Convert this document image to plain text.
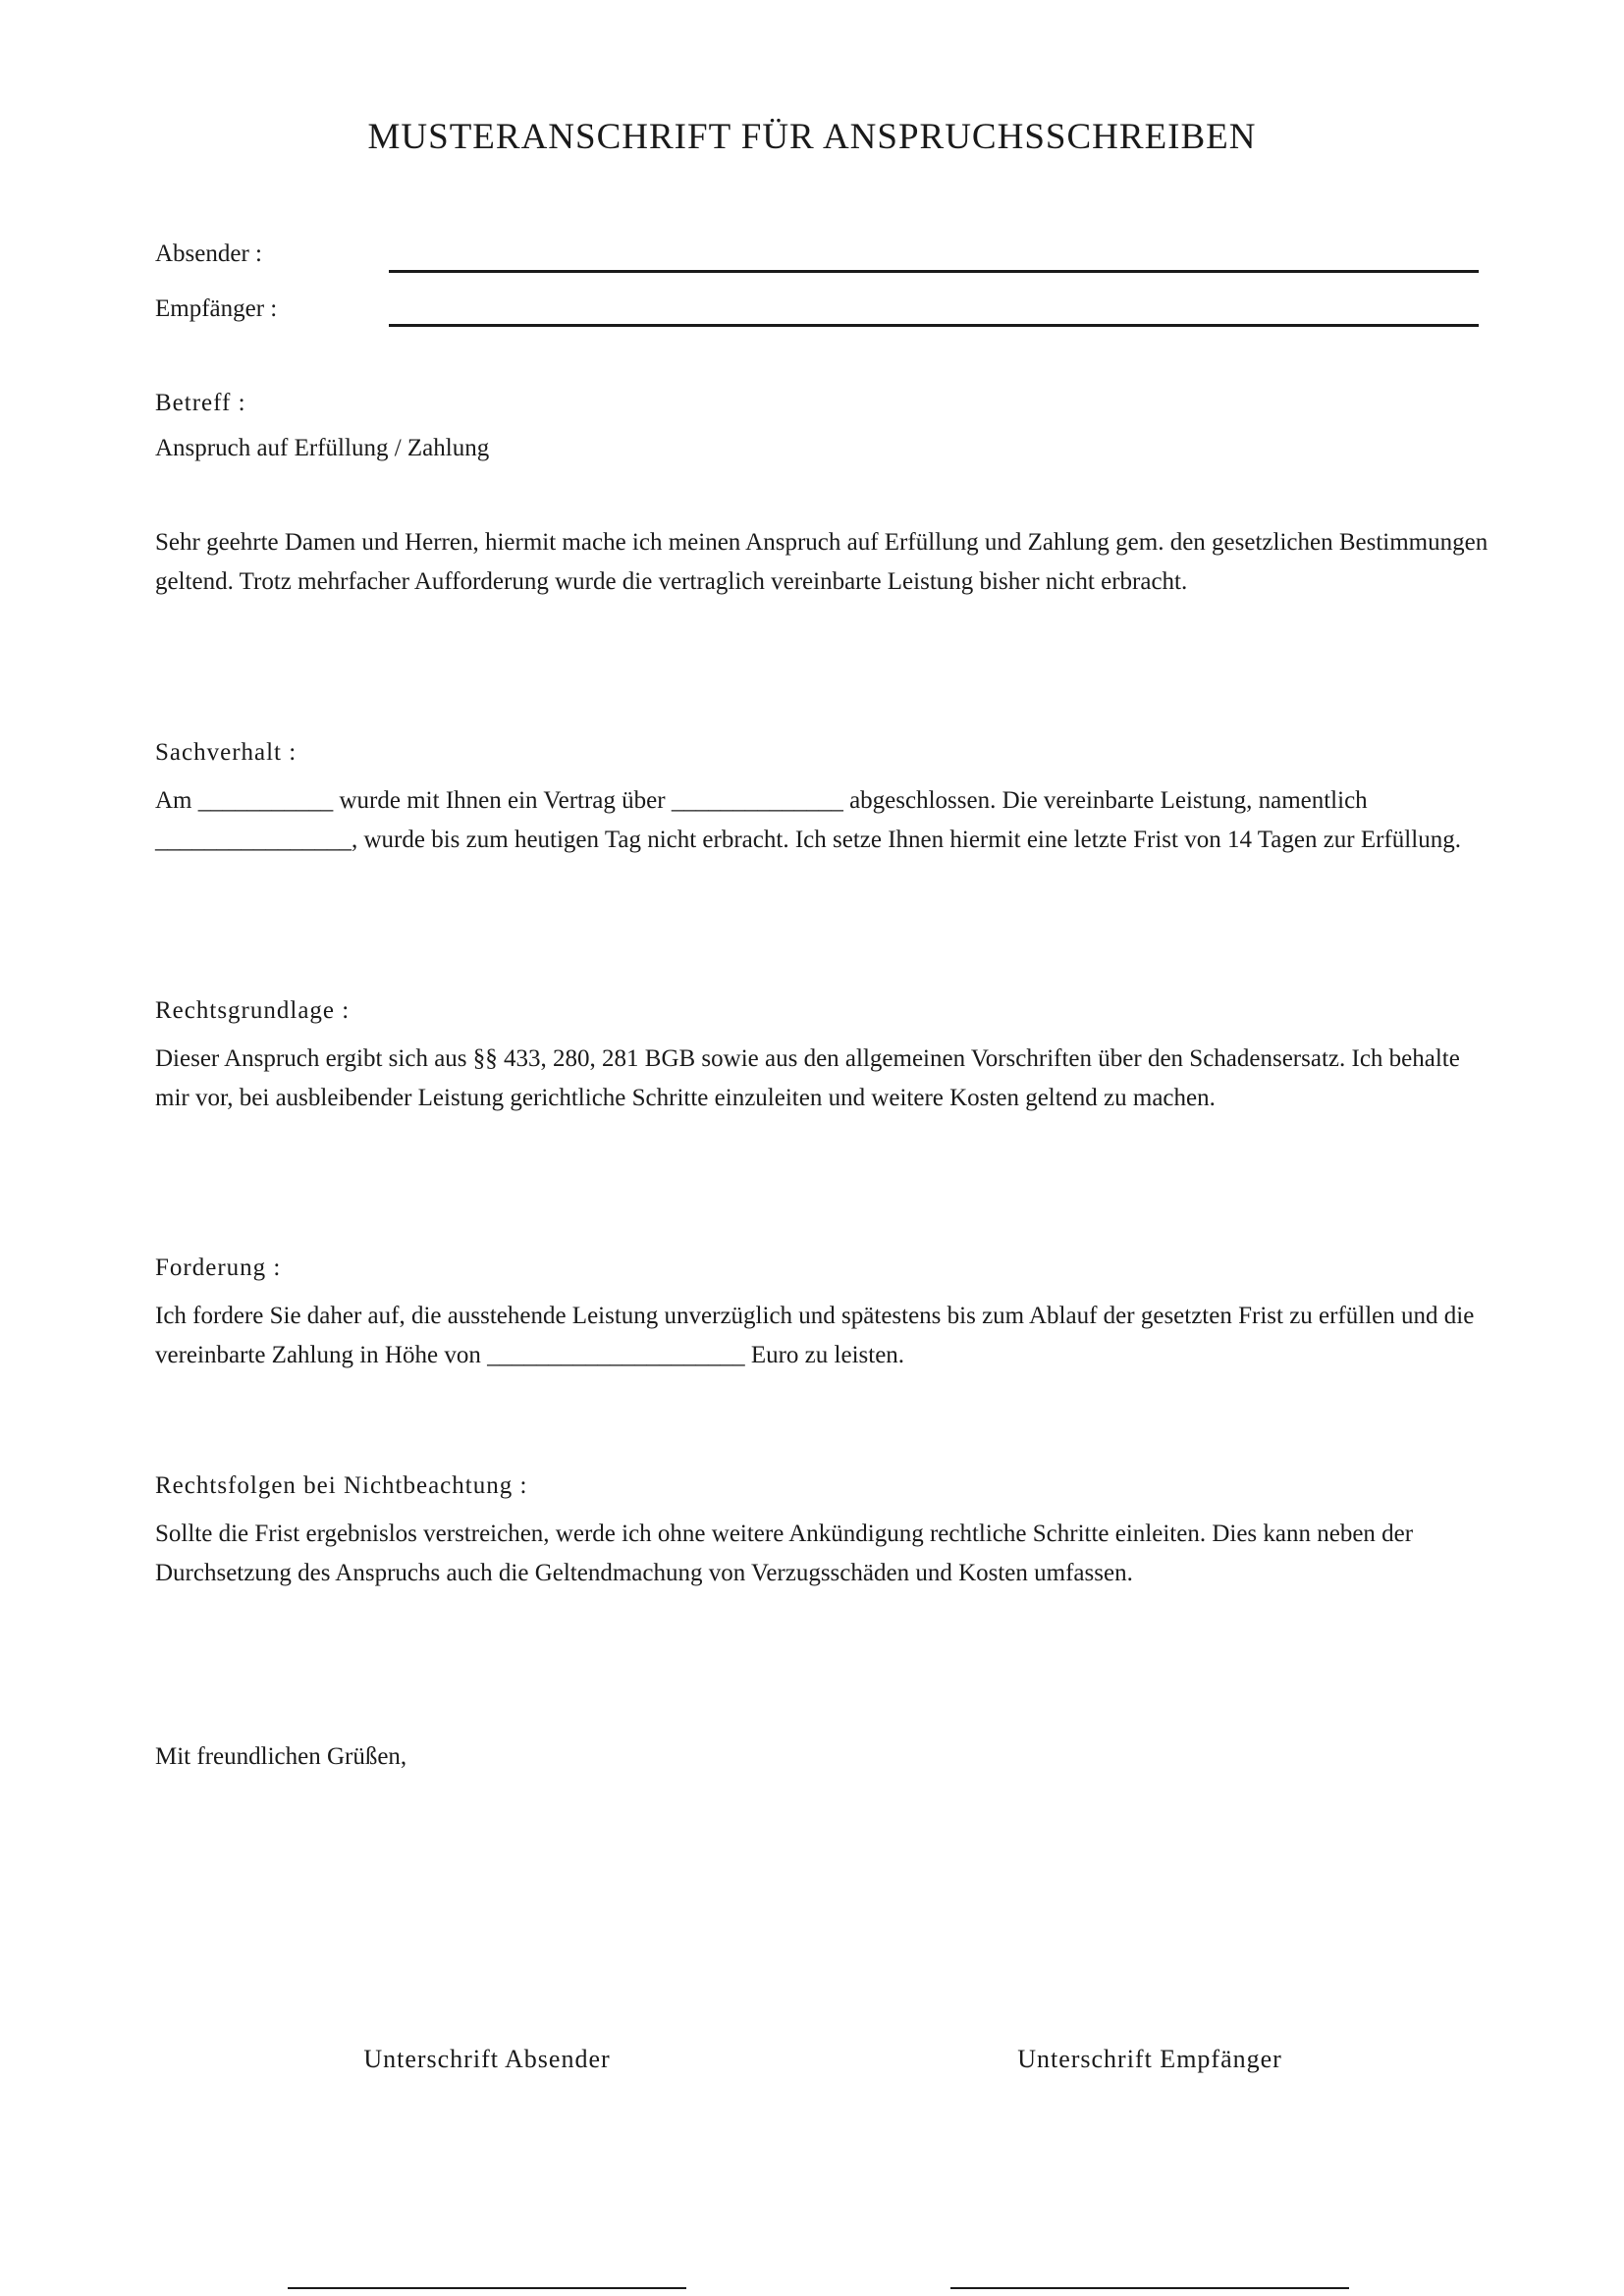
MUSTERANSCHRIFT FÜR ANSPRUCHSSCHREIBEN
Absender :
Empfänger :
Betreff :

Anspruch auf Erfüllung / Zahlung

Sehr geehrte Damen und Herren, hiermit mache ich meinen Anspruch auf Erfüllung und Zahlung gem. den gesetzlichen Bestimmungen geltend. Trotz mehrfacher Aufforderung wurde die vertraglich vereinbarte Leistung bisher nicht erbracht.

Sachverhalt :

Am ___________ wurde mit Ihnen ein Vertrag über ______________ abgeschlossen. Die vereinbarte Leistung, namentlich ________________, wurde bis zum heutigen Tag nicht erbracht. Ich setze Ihnen hiermit eine letzte Frist von 14 Tagen zur Erfüllung.

Rechtsgrundlage :

Dieser Anspruch ergibt sich aus §§ 433, 280, 281 BGB sowie aus den allgemeinen Vorschriften über den Schadensersatz. Ich behalte mir vor, bei ausbleibender Leistung gerichtliche Schritte einzuleiten und weitere Kosten geltend zu machen.

Forderung :

Ich fordere Sie daher auf, die ausstehende Leistung unverzüglich und spätestens bis zum Ablauf der gesetzten Frist zu erfüllen und die vereinbarte Zahlung in Höhe von _____________________ Euro zu leisten.

Rechtsfolgen bei Nichtbeachtung :

Sollte die Frist ergebnislos verstreichen, werde ich ohne weitere Ankündigung rechtliche Schritte einleiten. Dies kann neben der Durchsetzung des Anspruchs auch die Geltendmachung von Verzugsschäden und Kosten umfassen.

Mit freundlichen Grüßen,

Unterschrift Absender	Unterschrift Empfänger
